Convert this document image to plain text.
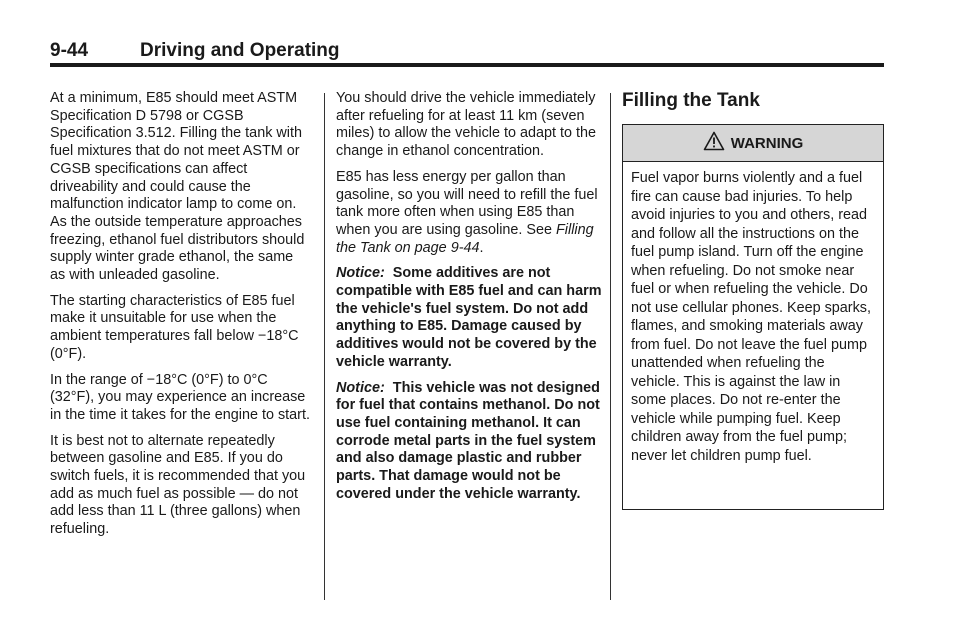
9-44	Driving and Operating

At a minimum, E85 should meet ASTM Specification D 5798 or CGSB Specification 3.512. Filling the tank with fuel mixtures that do not meet ASTM or CGSB specifications can affect driveability and could cause the malfunction indicator lamp to come on. As the outside temperature approaches freezing, ethanol fuel distributors should supply winter grade ethanol, the same as with unleaded gasoline.

The starting characteristics of E85 fuel make it unsuitable for use when the ambient temperatures fall below −18°C (0°F).

In the range of −18°C (0°F) to 0°C (32°F), you may experience an increase in the time it takes for the engine to start.

It is best not to alternate repeatedly between gasoline and E85. If you do switch fuels, it is recommended that you add as much fuel as possible — do not add less than 11 L (three gallons) when refueling.

You should drive the vehicle immediately after refueling for at least 11 km (seven miles) to allow the vehicle to adapt to the change in ethanol concentration.

E85 has less energy per gallon than gasoline, so you will need to refill the fuel tank more often when using E85 than when you are using gasoline. See Filling the Tank on page 9-44.

Notice: Some additives are not compatible with E85 fuel and can harm the vehicle's fuel system. Do not add anything to E85. Damage caused by additives would not be covered by the vehicle warranty.

Notice: This vehicle was not designed for fuel that contains methanol. Do not use fuel containing methanol. It can corrode metal parts in the fuel system and also damage plastic and rubber parts. That damage would not be covered under the vehicle warranty.

Filling the Tank
WARNING
Fuel vapor burns violently and a fuel fire can cause bad injuries. To help avoid injuries to you and others, read and follow all the instructions on the fuel pump island. Turn off the engine when refueling. Do not smoke near fuel or when refueling the vehicle. Do not use cellular phones. Keep sparks, flames, and smoking materials away from fuel. Do not leave the fuel pump unattended when refueling the vehicle. This is against the law in some places. Do not re-enter the vehicle while pumping fuel. Keep children away from the fuel pump; never let children pump fuel.
